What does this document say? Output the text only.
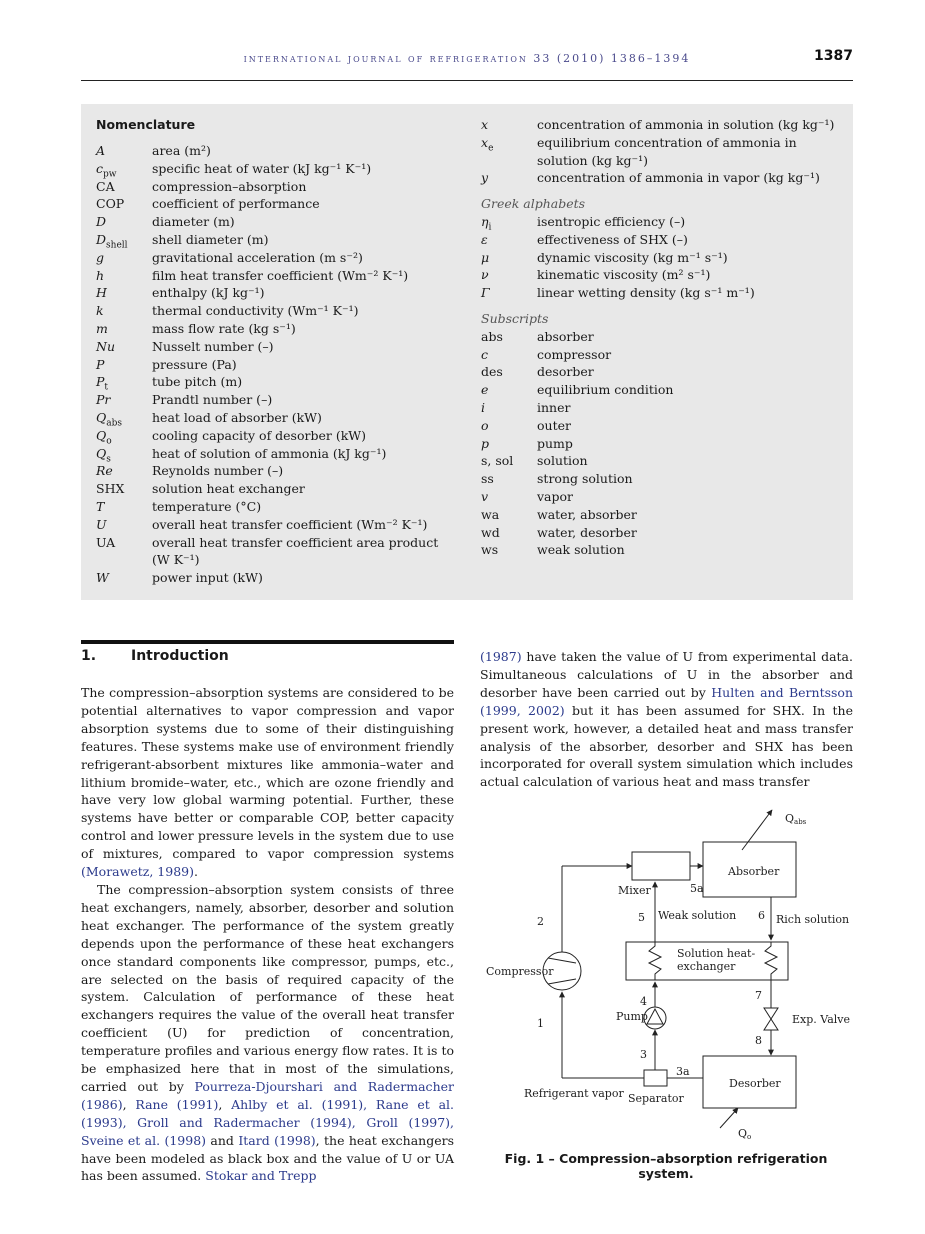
international journal of refrigeration 33 (2010) 1386–1394	1387
Nomenclature
A	area (m²)
$c_{pw}$	specific heat of water (kJ kg⁻¹ K⁻¹)
CA	compression–absorption
COP coefficient of performance
D	diameter (m)
$D_{shell}$ shell diameter (m)
g	gravitational acceleration (m s⁻²)
h	film heat transfer coefficient (Wm⁻² K⁻¹)
H	enthalpy (kJ kg⁻¹)
k	thermal conductivity (Wm⁻¹ K⁻¹)
m	mass flow rate (kg s⁻¹)
Nu	Nusselt number (–)
P	pressure (Pa)
$P_t$	tube pitch (m)
Pr	Prandtl number (–)
$Q_{abs}$ heat load of absorber (kW)
$Q_o$	cooling capacity of desorber (kW)
$Q_s$	heat of solution of ammonia (kJ kg⁻¹)
Re	Reynolds number (–)
SHX solution heat exchanger
T	temperature (°C)
U	overall heat transfer coefficient (Wm⁻² K⁻¹)
UA	overall heat transfer coefficient area product (W K⁻¹)
W	power input (kW)
x	concentration of ammonia in solution (kg kg⁻¹)
$x_e$	equilibrium concentration of ammonia in solution (kg kg⁻¹)
y	concentration of ammonia in vapor (kg kg⁻¹)
Greek alphabets
$\eta_i$	isentropic efficiency (–)
ε	effectiveness of SHX (–)
μ	dynamic viscosity (kg m⁻¹ s⁻¹)
ν	kinematic viscosity (m² s⁻¹)
Γ	linear wetting density (kg s⁻¹ m⁻¹)
Subscripts
abs	absorber
c	compressor
des	desorber
e	equilibrium condition
i	inner
o	outer
p	pump
s, sol solution
ss	strong solution
v	vapor
wa	water, absorber
wd	water, desorber
ws	weak solution
1. Introduction

The compression–absorption systems are considered to be potential alternatives to vapor compression and vapor absorption systems due to some of their distinguishing features. These systems make use of environment friendly refrigerant-absorbent mixtures like ammonia–water and lithium bromide–water, etc., which are ozone friendly and have very low global warming potential. Further, these systems have better or comparable COP, better capacity control and lower pressure levels in the system due to use of mixtures, compared to vapor compression systems (Morawetz, 1989).

The compression–absorption system consists of three heat exchangers, namely, absorber, desorber and solution heat exchanger. The performance of the system greatly depends upon the performance of these heat exchangers once standard components like compressor, pumps, etc., are selected on the basis of required capacity of the system. Calculation of performance of these heat exchangers requires the value of the overall heat transfer coefficient (U) for prediction of concentration, temperature profiles and various energy flow rates. It is to be emphasized here that in most of the simulations, carried out by Pourreza-Djourshari and Radermacher (1986), Rane (1991), Ahlby et al. (1991), Rane et al. (1993), Groll and Radermacher (1994), Groll (1997), Sveine et al. (1998) and Itard (1998), the heat exchangers have been modeled as black box and the value of U or UA has been assumed. Stokar and Trepp

(1987) have taken the value of U from experimental data. Simultaneous calculations of U in the absorber and desorber have been carried out by Hulten and Berntsson (1999, 2002) but it has been assumed for SHX. In the present work, however, a detailed heat and mass transfer analysis of the absorber, desorber and SHX has been incorporated for overall system simulation which includes actual calculation of various heat and mass transfer

Qabs
Absorber
Mixer	5a
5 Weak solution 6 Rich solution
2
Solution heat-
exchanger
Compressor
4	7
Pump
1	Exp. Valve
8
3
3a
Desorber
Refrigerant vapor Separator
Qo
Fig. 1 – Compression–absorption refrigeration system.
